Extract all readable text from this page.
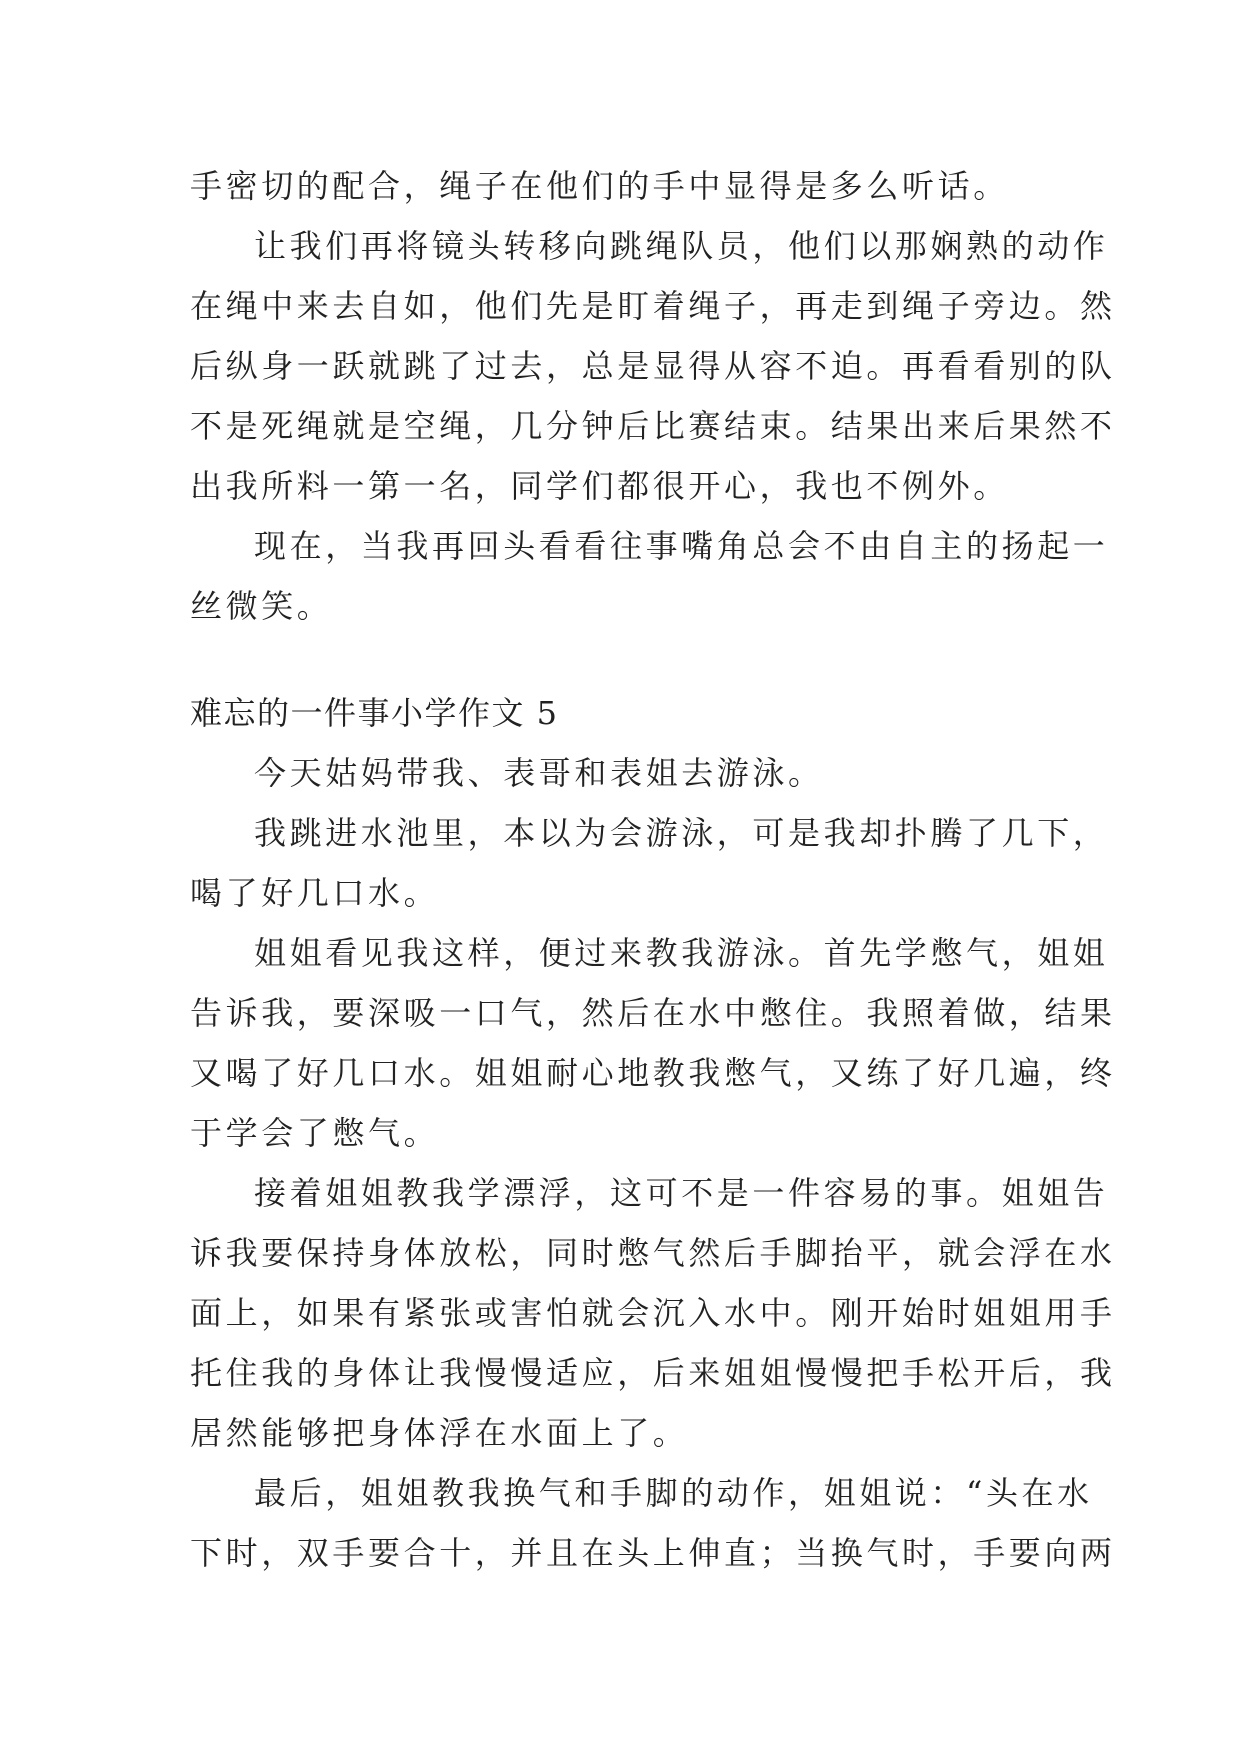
手密切的配合，绳子在他们的手中显得是多么听话。
让我们再将镜头转移向跳绳队员，他们以那娴熟的动作
在绳中来去自如，他们先是盯着绳子，再走到绳子旁边。然
后纵身一跃就跳了过去，总是显得从容不迫。再看看别的队
不是死绳就是空绳，几分钟后比赛结束。结果出来后果然不
出我所料一第一名，同学们都很开心，我也不例外。
现在，当我再回头看看往事嘴角总会不由自主的扬起一
丝微笑。
难忘的一件事小学作文 5
今天姑妈带我、表哥和表姐去游泳。
我跳进水池里，本以为会游泳，可是我却扑腾了几下，
喝了好几口水。
姐姐看见我这样，便过来教我游泳。首先学憋气，姐姐
告诉我，要深吸一口气，然后在水中憋住。我照着做，结果
又喝了好几口水。姐姐耐心地教我憋气，又练了好几遍，终
于学会了憋气。
接着姐姐教我学漂浮，这可不是一件容易的事。姐姐告
诉我要保持身体放松，同时憋气然后手脚抬平，就会浮在水
面上，如果有紧张或害怕就会沉入水中。刚开始时姐姐用手
托住我的身体让我慢慢适应，后来姐姐慢慢把手松开后，我
居然能够把身体浮在水面上了。
最后，姐姐教我换气和手脚的动作，姐姐说：“头在水
下时，双手要合十，并且在头上伸直；当换气时，手要向两
